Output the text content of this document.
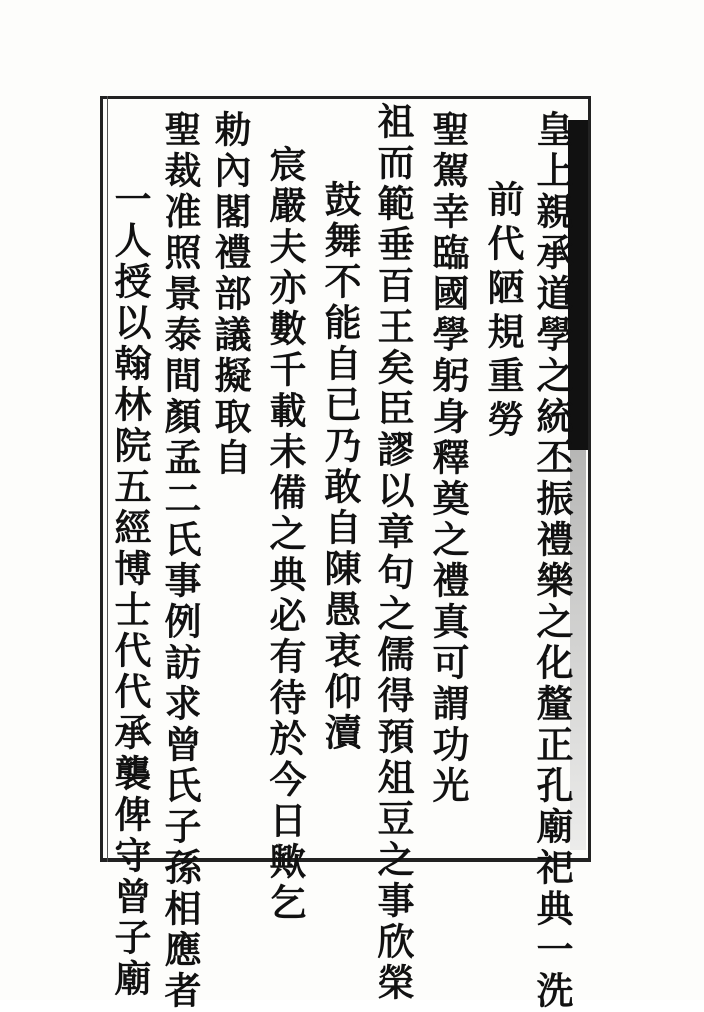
皇上親承道學之統丕振禮樂之化釐正孔廟祀典一洗
前代陋規重勞
聖駕幸臨國學躬身釋奠之禮真可謂功光
祖而範垂百王矣臣謬以章句之儒得預俎豆之事欣榮
鼓舞不能自已乃敢自陳愚衷仰瀆
宸嚴夫亦數千載未備之典必有待於今日歟乞
勅內閣禮部議擬取自
聖裁准照景泰間顏孟二氏事例訪求曾氏子孫相應者
一人授以翰林院五經博士代代承襲俾守曾子廟
